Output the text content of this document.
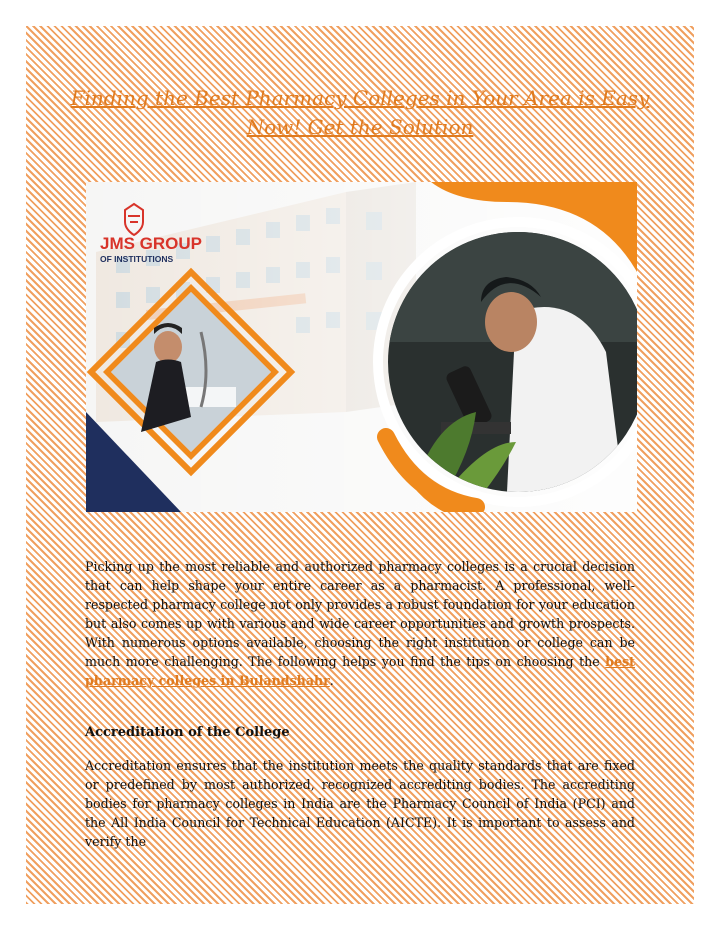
Finding the Best Pharmacy Colleges in Your Area is Easy Now! Get the Solution
JMS GROUP
OF INSTITUTIONS

Picking up the most reliable and authorized pharmacy colleges is a crucial decision that can help shape your entire career as a pharmacist. A professional, well-respected pharmacy college not only provides a robust foundation for your education but also comes up with various and wide career opportunities and growth prospects. With numerous options available, choosing the right institution or college can be much more challenging. The following helps you find the tips on choosing the best pharmacy colleges in Bulandshahr.

Accreditation of the College

Accreditation ensures that the institution meets the quality standards that are fixed or predefined by most authorized, recognized accrediting bodies. The accrediting bodies for pharmacy colleges in India are the Pharmacy Council of India (PCI) and the All India Council for Technical Education (AICTE). It is important to assess and verify the
